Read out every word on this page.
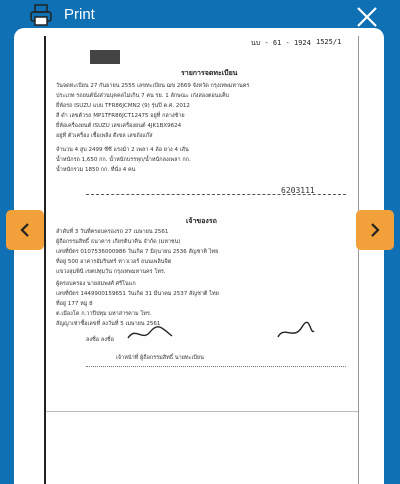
Print
นบ - 61 - 1924 1525/1
รายการจดทะเบียน
วันจดทะเบียน 27 กันยายน 2555 เลขทะเบียน ฌข 2669 จังหวัด กรุงเทพมหานคร
ประเภท รถยนต์นั่งส่วนบุคคลไม่เกิน 7 คน รย. 1 ลักษณะ เก๋งสองตอนแค็บ
ยี่ห้อรถ ISUZU แบบ TFR86JCMN2 (9) รุ่นปี ค.ศ. 2012
สี ดำ เลขตัวรถ MP1TFR86JCT12475 อยู่ที่ กลางซ้าย
ยี่ห้อเครื่องยนต์ ISUZU เลขเครื่องยนต์ 4JK1BX9624
อยู่ที่ ตัวเครื่อง เชื้อเพลิง ดีเซล เลขถังแก๊ส
จำนวน 4 สูบ 2499 ซีซี แรงม้า 2 เพลา 4 ล้อ ยาง 4 เส้น
น้ำหนักรถ 1,650 กก. น้ำหนักบรรทุก/น้ำหนักลงเพลา กก.
น้ำหนักรวม 1850 กก. ที่นั่ง 4 คน
6203111
เจ้าของรถ
ลำดับที่ 3 วันที่ครอบครองรถ 27 เมษายน 2561
ผู้ถือกรรมสิทธิ์ ธนาคาร เกียรตินาคิน จำกัด (มหาชน)
เลขที่บัตร 0107536000986 วันเกิด 7 มิถุนายน 2536 สัญชาติ ไทย
ที่อยู่ 500 อาคารอัมรินทร์ ทาวเวอร์ ถนนเพลินจิต
แขวงลุมพินี เขตปทุมวัน กรุงเทพมหานคร โทร.
ผู้ครอบครอง นายสมพงศ์ ศรีโนแก
เลขที่บัตร 1449900159651 วันเกิด 31 มีนาคม 2537 สัญชาติ ไทย
ที่อยู่ 177 หมู่ 8
ต.เมืองโค ก.วาปีปทุม มหาสารคาม โทร.
สัญญาเช่าซื้อเลขที่ ลงวันที่ 5 เมษายน 2561
ลงชื่อ ลงชื่อ
เจ้าหน้าที่ ผู้ถือกรรมสิทธิ์ นายทะเบียน
